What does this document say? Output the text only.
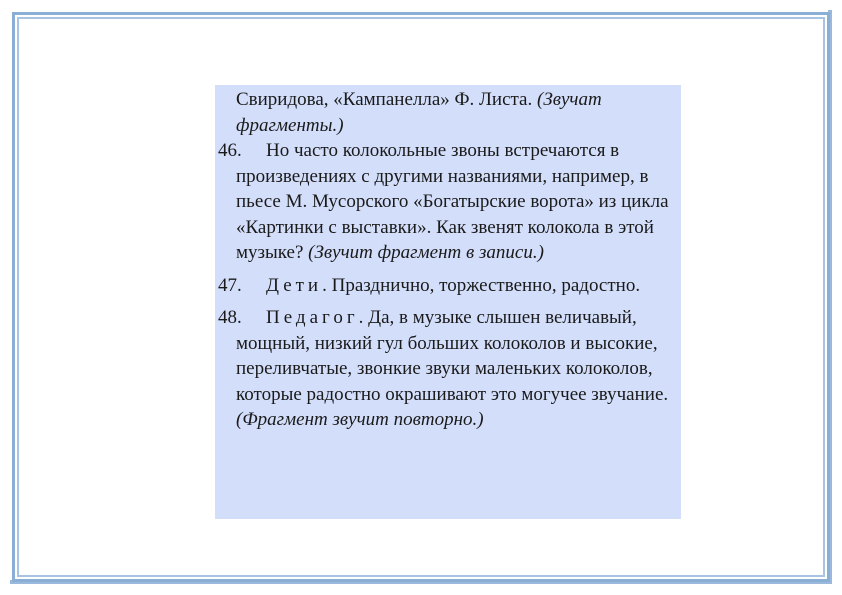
Свиридова, «Кампанелла» Ф. Листа. (Звучат фрагменты.)
46.	Но часто колокольные звоны встречаются в произведениях с другими названиями, например, в пьесе М. Мусорского «Богатырские ворота» из цикла «Картинки с выставки». Как звенят колокола в этой музыке? (Звучит фрагмент в записи.)
47.	Дети. Празднично, торжественно, радостно.
48.	Педагог. Да, в музыке слышен величавый, мощный, низкий гул больших колоколов и высокие, переливчатые, звонкие звуки маленьких колоколов, которые радостно окрашивают это могучее звучание. (Фрагмент звучит повторно.)
